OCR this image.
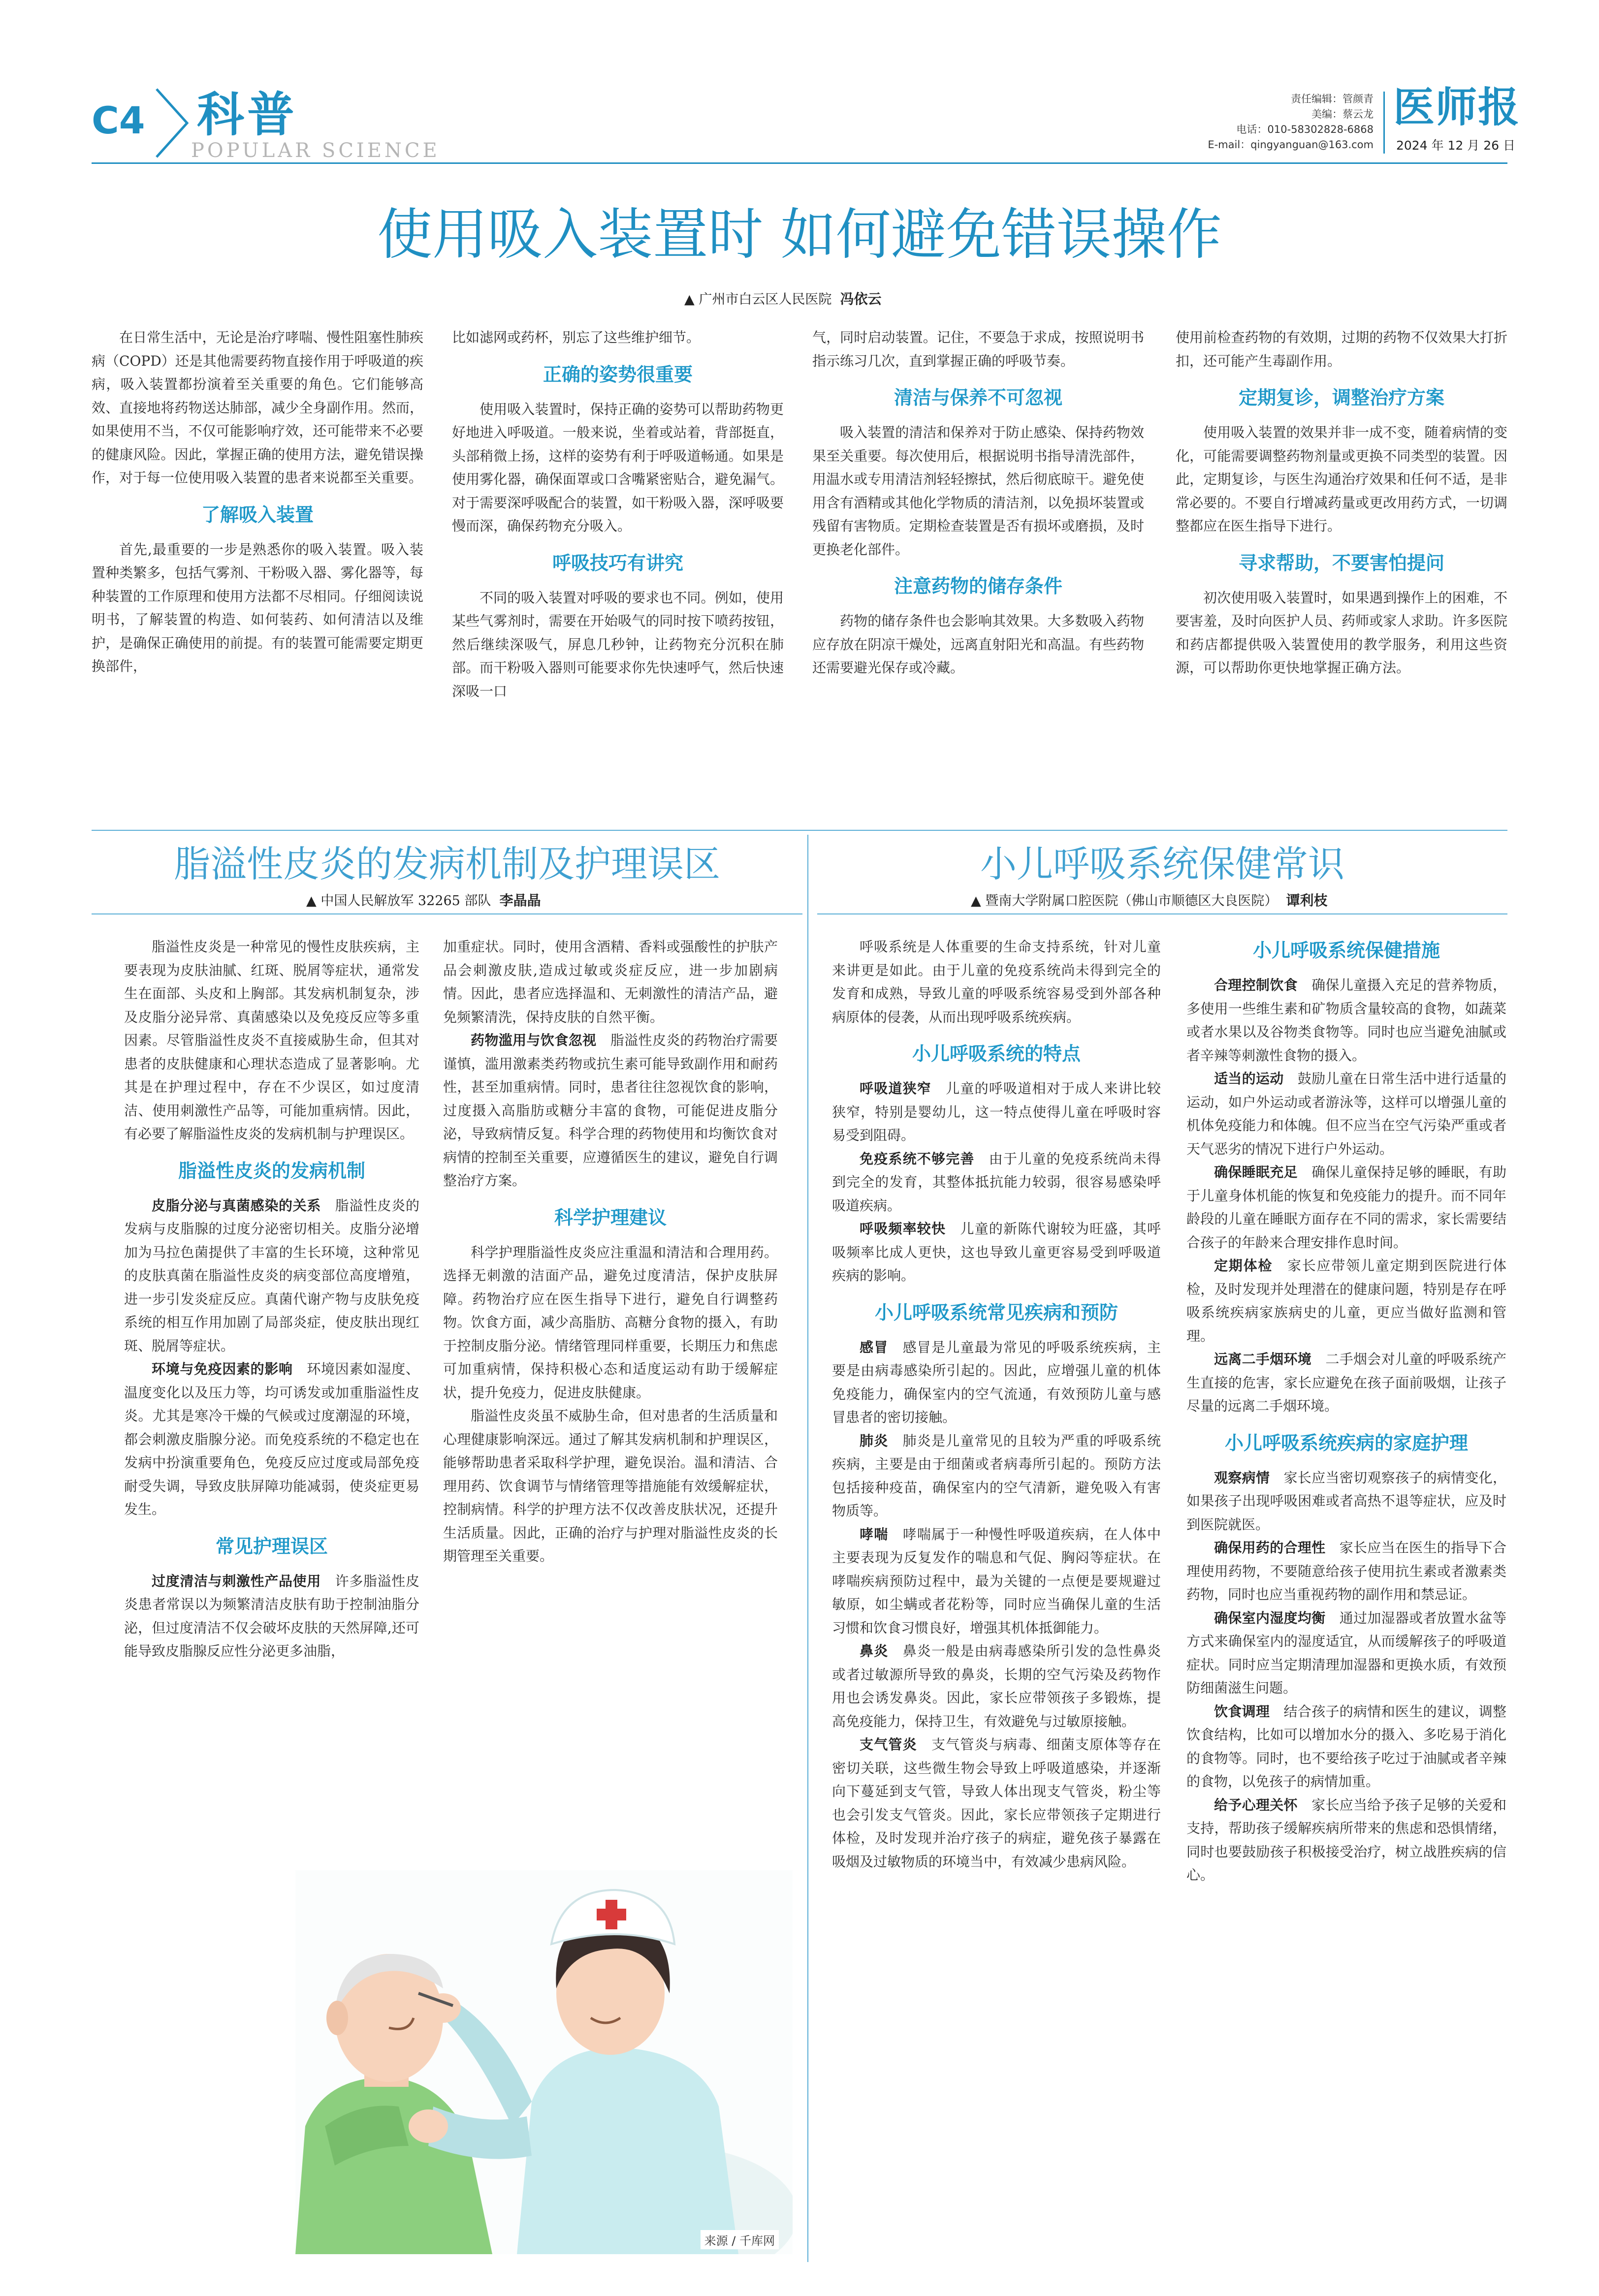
C4 科普
POPULAR SCIENCE
责任编辑：管颜青
美编：蔡云龙
电话：010-58302828-6868
E-mail：qingyanguan@163.com
医师报
2024 年 12 月 26 日
使用吸入装置时 如何避免错误操作
▲ 广州市白云区人民医院 冯依云

在日常生活中，无论是治疗哮喘、慢性阻塞性肺疾病（COPD）还是其他需要药物直接作用于呼吸道的疾病，吸入装置都扮演着至关重要的角色。它们能够高效、直接地将药物送达肺部，减少全身副作用。然而，如果使用不当，不仅可能影响疗效，还可能带来不必要的健康风险。因此，掌握正确的使用方法，避免错误操作，对于每一位使用吸入装置的患者来说都至关重要。

了解吸入装置

首先,最重要的一步是熟悉你的吸入装置。吸入装置种类繁多，包括气雾剂、干粉吸入器、雾化器等，每种装置的工作原理和使用方法都不尽相同。仔细阅读说明书，了解装置的构造、如何装药、如何清洁以及维护，是确保正确使用的前提。有的装置可能需要定期更换部件，

比如滤网或药杯，别忘了这些维护细节。

正确的姿势很重要

使用吸入装置时，保持正确的姿势可以帮助药物更好地进入呼吸道。一般来说，坐着或站着，背部挺直，头部稍微上扬，这样的姿势有利于呼吸道畅通。如果是使用雾化器，确保面罩或口含嘴紧密贴合，避免漏气。对于需要深呼吸配合的装置，如干粉吸入器，深呼吸要慢而深，确保药物充分吸入。

呼吸技巧有讲究

不同的吸入装置对呼吸的要求也不同。例如，使用某些气雾剂时，需要在开始吸气的同时按下喷药按钮，然后继续深吸气，屏息几秒钟，让药物充分沉积在肺部。而干粉吸入器则可能要求你先快速呼气，然后快速深吸一口

气，同时启动装置。记住，不要急于求成，按照说明书指示练习几次，直到掌握正确的呼吸节奏。

清洁与保养不可忽视

吸入装置的清洁和保养对于防止感染、保持药物效果至关重要。每次使用后，根据说明书指导清洗部件，用温水或专用清洁剂轻轻擦拭，然后彻底晾干。避免使用含有酒精或其他化学物质的清洁剂，以免损坏装置或残留有害物质。定期检查装置是否有损坏或磨损，及时更换老化部件。

注意药物的储存条件

药物的储存条件也会影响其效果。大多数吸入药物应存放在阴凉干燥处，远离直射阳光和高温。有些药物还需要避光保存或冷藏。

使用前检查药物的有效期，过期的药物不仅效果大打折扣，还可能产生毒副作用。

定期复诊，调整治疗方案

使用吸入装置的效果并非一成不变，随着病情的变化，可能需要调整药物剂量或更换不同类型的装置。因此，定期复诊，与医生沟通治疗效果和任何不适，是非常必要的。不要自行增减药量或更改用药方式，一切调整都应在医生指导下进行。

寻求帮助，不要害怕提问

初次使用吸入装置时，如果遇到操作上的困难，不要害羞，及时向医护人员、药师或家人求助。许多医院和药店都提供吸入装置使用的教学服务，利用这些资源，可以帮助你更快地掌握正确方法。

脂溢性皮炎的发病机制及护理误区
▲ 中国人民解放军 32265 部队 李晶晶

脂溢性皮炎是一种常见的慢性皮肤疾病，主要表现为皮肤油腻、红斑、脱屑等症状，通常发生在面部、头皮和上胸部。其发病机制复杂，涉及皮脂分泌异常、真菌感染以及免疫反应等多重因素。尽管脂溢性皮炎不直接威胁生命，但其对患者的皮肤健康和心理状态造成了显著影响。尤其是在护理过程中，存在不少误区，如过度清洁、使用刺激性产品等，可能加重病情。因此，有必要了解脂溢性皮炎的发病机制与护理误区。

脂溢性皮炎的发病机制

皮脂分泌与真菌感染的关系  脂溢性皮炎的发病与皮脂腺的过度分泌密切相关。皮脂分泌增加为马拉色菌提供了丰富的生长环境，这种常见的皮肤真菌在脂溢性皮炎的病变部位高度增殖，进一步引发炎症反应。真菌代谢产物与皮肤免疫系统的相互作用加剧了局部炎症，使皮肤出现红斑、脱屑等症状。

环境与免疫因素的影响  环境因素如湿度、温度变化以及压力等，均可诱发或加重脂溢性皮炎。尤其是寒冷干燥的气候或过度潮湿的环境，都会刺激皮脂腺分泌。而免疫系统的不稳定也在发病中扮演重要角色，免疫反应过度或局部免疫耐受失调，导致皮肤屏障功能减弱，使炎症更易发生。

常见护理误区

过度清洁与刺激性产品使用  许多脂溢性皮炎患者常误以为频繁清洁皮肤有助于控制油脂分泌，但过度清洁不仅会破坏皮肤的天然屏障,还可能导致皮脂腺反应性分泌更多油脂，

加重症状。同时，使用含酒精、香料或强酸性的护肤产品会刺激皮肤,造成过敏或炎症反应，进一步加剧病情。因此，患者应选择温和、无刺激性的清洁产品，避免频繁清洗，保持皮肤的自然平衡。

药物滥用与饮食忽视  脂溢性皮炎的药物治疗需要谨慎，滥用激素类药物或抗生素可能导致副作用和耐药性，甚至加重病情。同时，患者往往忽视饮食的影响，过度摄入高脂肪或糖分丰富的食物，可能促进皮脂分泌，导致病情反复。科学合理的药物使用和均衡饮食对病情的控制至关重要，应遵循医生的建议，避免自行调整治疗方案。

科学护理建议

科学护理脂溢性皮炎应注重温和清洁和合理用药。选择无刺激的洁面产品，避免过度清洁，保护皮肤屏障。药物治疗应在医生指导下进行，避免自行调整药物。饮食方面，减少高脂肪、高糖分食物的摄入，有助于控制皮脂分泌。情绪管理同样重要，长期压力和焦虑可加重病情，保持积极心态和适度运动有助于缓解症状，提升免疫力，促进皮肤健康。

脂溢性皮炎虽不威胁生命，但对患者的生活质量和心理健康影响深远。通过了解其发病机制和护理误区，能够帮助患者采取科学护理，避免误治。温和清洁、合理用药、饮食调节与情绪管理等措施能有效缓解症状，控制病情。科学的护理方法不仅改善皮肤状况，还提升生活质量。因此，正确的治疗与护理对脂溢性皮炎的长期管理至关重要。

来源 / 千库网
小儿呼吸系统保健常识
▲ 暨南大学附属口腔医院（佛山市顺德区大良医院） 谭利枝

呼吸系统是人体重要的生命支持系统，针对儿童来讲更是如此。由于儿童的免疫系统尚未得到完全的发育和成熟，导致儿童的呼吸系统容易受到外部各种病原体的侵袭，从而出现呼吸系统疾病。

小儿呼吸系统的特点

呼吸道狭窄  儿童的呼吸道相对于成人来讲比较狭窄，特别是婴幼儿，这一特点使得儿童在呼吸时容易受到阻碍。

免疫系统不够完善  由于儿童的免疫系统尚未得到完全的发育，其整体抵抗能力较弱，很容易感染呼吸道疾病。

呼吸频率较快  儿童的新陈代谢较为旺盛，其呼吸频率比成人更快，这也导致儿童更容易受到呼吸道疾病的影响。

小儿呼吸系统常见疾病和预防

感冒  感冒是儿童最为常见的呼吸系统疾病，主要是由病毒感染所引起的。因此，应增强儿童的机体免疫能力，确保室内的空气流通，有效预防儿童与感冒患者的密切接触。

肺炎  肺炎是儿童常见的且较为严重的呼吸系统疾病，主要是由于细菌或者病毒所引起的。预防方法包括接种疫苗，确保室内的空气清新，避免吸入有害物质等。

哮喘  哮喘属于一种慢性呼吸道疾病，在人体中主要表现为反复发作的喘息和气促、胸闷等症状。在哮喘疾病预防过程中，最为关键的一点便是要规避过敏原，如尘螨或者花粉等，同时应当确保儿童的生活习惯和饮食习惯良好，增强其机体抵御能力。

鼻炎  鼻炎一般是由病毒感染所引发的急性鼻炎或者过敏源所导致的鼻炎，长期的空气污染及药物作用也会诱发鼻炎。因此，家长应带领孩子多锻炼，提高免疫能力，保持卫生，有效避免与过敏原接触。

支气管炎  支气管炎与病毒、细菌支原体等存在密切关联，这些微生物会导致上呼吸道感染，并逐渐向下蔓延到支气管，导致人体出现支气管炎，粉尘等也会引发支气管炎。因此，家长应带领孩子定期进行体检，及时发现并治疗孩子的病症，避免孩子暴露在吸烟及过敏物质的环境当中，有效减少患病风险。

小儿呼吸系统保健措施

合理控制饮食  确保儿童摄入充足的营养物质，多使用一些维生素和矿物质含量较高的食物，如蔬菜或者水果以及谷物类食物等。同时也应当避免油腻或者辛辣等刺激性食物的摄入。

适当的运动  鼓励儿童在日常生活中进行适量的运动，如户外运动或者游泳等，这样可以增强儿童的机体免疫能力和体魄。但不应当在空气污染严重或者天气恶劣的情况下进行户外运动。

确保睡眠充足  确保儿童保持足够的睡眠，有助于儿童身体机能的恢复和免疫能力的提升。而不同年龄段的儿童在睡眠方面存在不同的需求，家长需要结合孩子的年龄来合理安排作息时间。

定期体检  家长应带领儿童定期到医院进行体检，及时发现并处理潜在的健康问题，特别是存在呼吸系统疾病家族病史的儿童，更应当做好监测和管理。

远离二手烟环境  二手烟会对儿童的呼吸系统产生直接的危害，家长应避免在孩子面前吸烟，让孩子尽量的远离二手烟环境。

小儿呼吸系统疾病的家庭护理

观察病情  家长应当密切观察孩子的病情变化，如果孩子出现呼吸困难或者高热不退等症状，应及时到医院就医。

确保用药的合理性  家长应当在医生的指导下合理使用药物，不要随意给孩子使用抗生素或者激素类药物，同时也应当重视药物的副作用和禁忌证。

确保室内湿度均衡  通过加湿器或者放置水盆等方式来确保室内的湿度适宜，从而缓解孩子的呼吸道症状。同时应当定期清理加湿器和更换水质，有效预防细菌滋生问题。

饮食调理  结合孩子的病情和医生的建议，调整饮食结构，比如可以增加水分的摄入、多吃易于消化的食物等。同时，也不要给孩子吃过于油腻或者辛辣的食物，以免孩子的病情加重。

给予心理关怀  家长应当给予孩子足够的关爱和支持，帮助孩子缓解疾病所带来的焦虑和恐惧情绪，同时也要鼓励孩子积极接受治疗，树立战胜疾病的信心。
